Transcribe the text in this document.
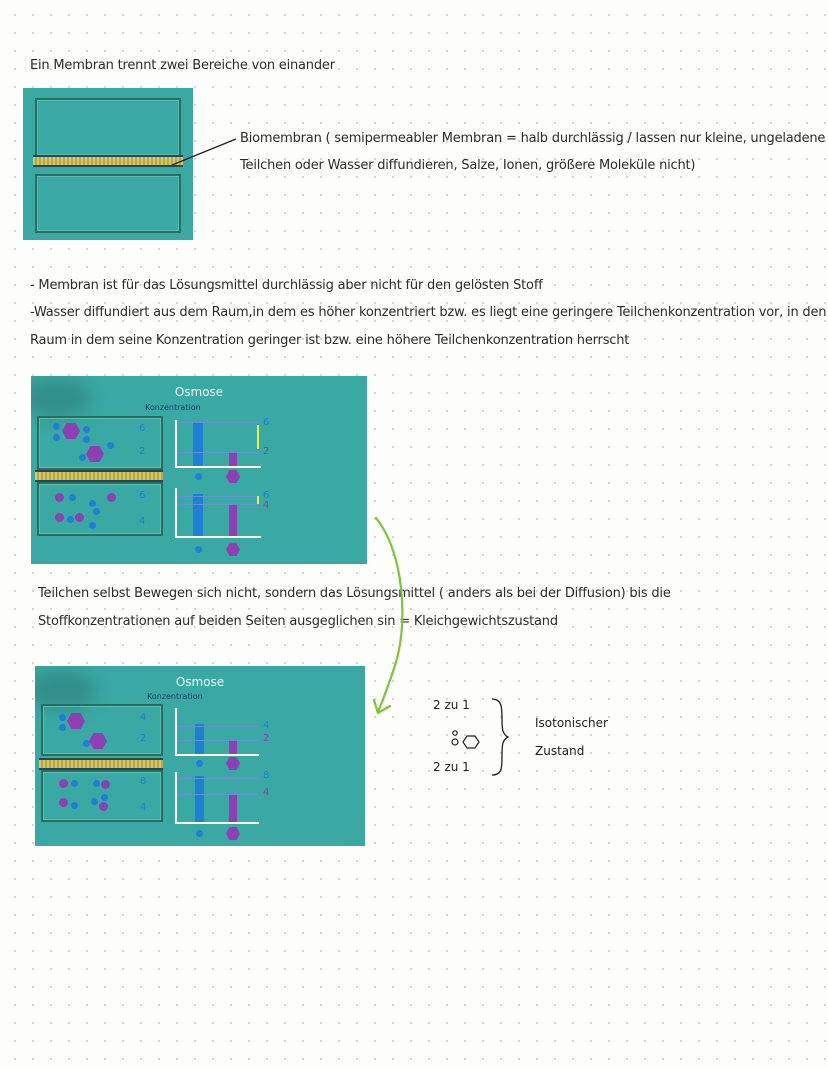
Ein Membran trennt zwei Bereiche von einander
Biomembran ( semipermeabler Membran = halb durchlässig / lassen nur kleine, ungeladene
Teilchen oder Wasser diffundieren, Salze, Ionen, größere Moleküle nicht)
- Membran ist für das Lösungsmittel durchlässig aber nicht für den gelösten Stoff
-Wasser diffundiert aus dem Raum,in dem es höher konzentriert bzw. es liegt eine geringere Teilchenkonzentration vor, in den
Raum in dem seine Konzentration geringer ist bzw. eine höhere Teilchenkonzentration herrscht
Osmose
Konzentration
6
2
6
4
6
2
6
4
Teilchen selbst Bewegen sich nicht, sondern das Lösungsmittel ( anders als bei der Diffusion) bis die
Stoffkonzentrationen auf beiden Seiten ausgeglichen sin = Kleichgewichtszustand
Osmose
Konzentration
4
2
8
4
4
2
8
4
2 zu 1
2 zu 1
Isotonischer
Zustand
